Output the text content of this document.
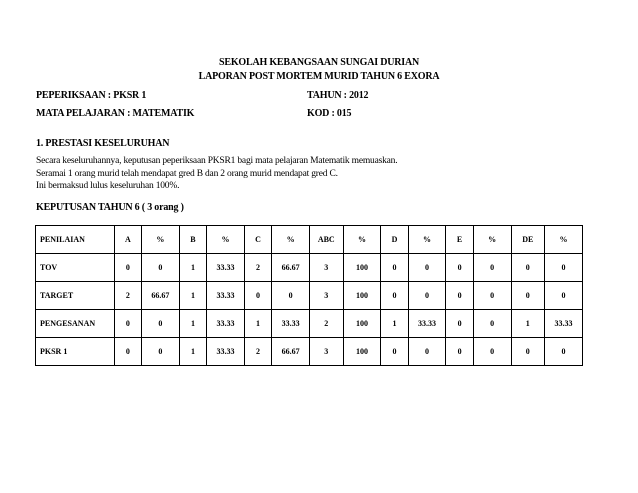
SEKOLAH KEBANGSAAN SUNGAI DURIAN
LAPORAN POST MORTEM MURID TAHUN 6 EXORA
PEPERIKSAAN : PKSR 1	TAHUN : 2012
MATA PELAJARAN : MATEMATIK	KOD : 015
1. PRESTASI KESELURUHAN
Secara keseluruhannya, keputusan peperiksaan PKSR1 bagi mata pelajaran Matematik memuaskan.
Seramai 1 orang murid telah mendapat gred B dan 2 orang murid mendapat gred C.
Ini bermaksud lulus keseluruhan 100%.
KEPUTUSAN TAHUN 6 ( 3 orang )
PENILAIAN	A	%	B	%	C	%	ABC	%	D	%	E	%	DE	%
TOV	0	0	1	33.33	2	66.67	3	100	0	0	0	0	0	0
TARGET	2	66.67	1	33.33	0	0	3	100	0	0	0	0	0	0
PENGESANAN	0	0	1	33.33	1	33.33	2	100	1	33.33	0	0	1	33.33
PKSR 1	0	0	1	33.33	2	66.67	3	100	0	0	0	0	0	0
